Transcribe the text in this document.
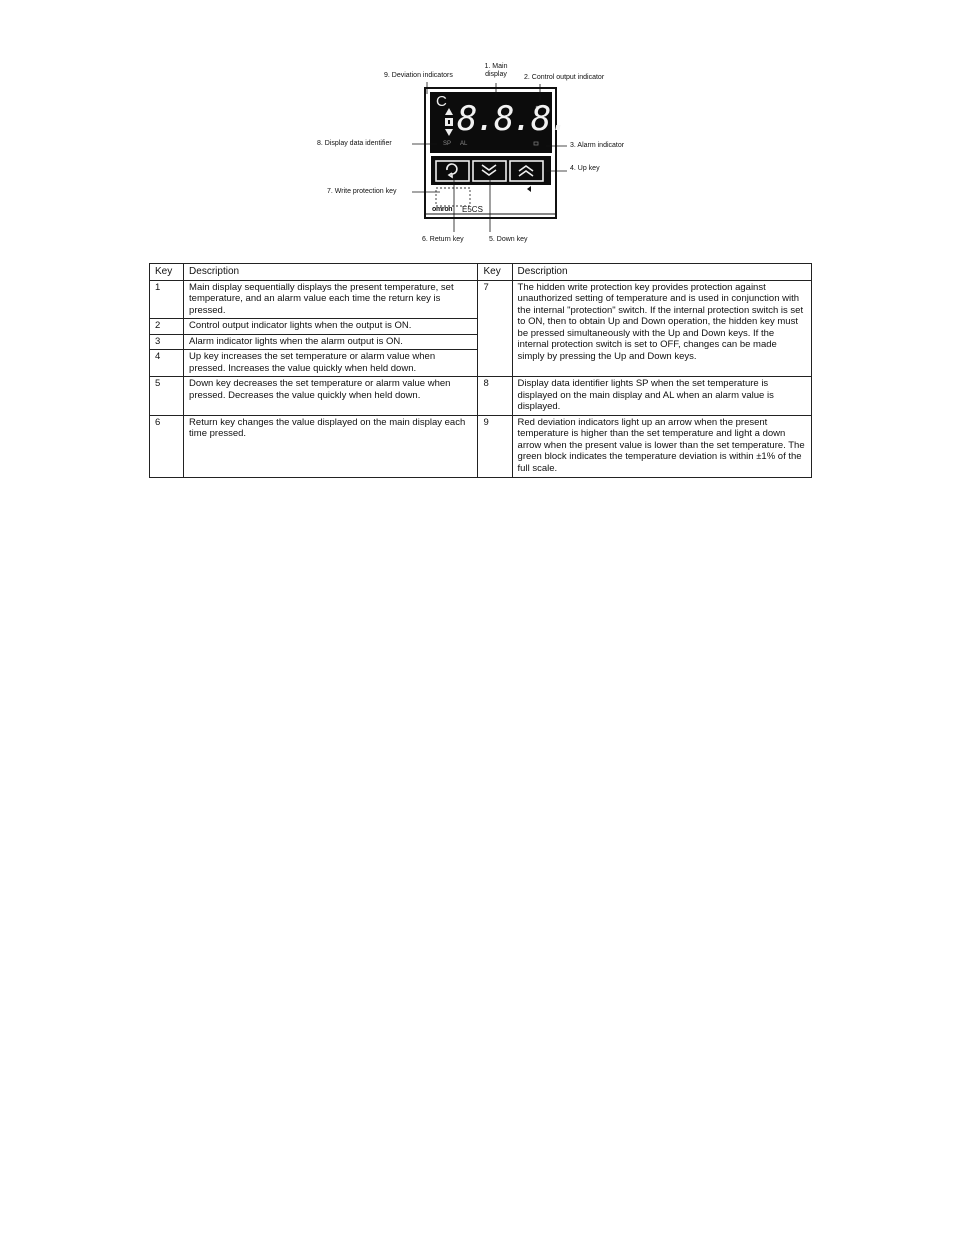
C 8.8.8.
SP AL
omron E5CS
9. Deviation indicators
1. Main
display	2. Control output indicator
8. Display data identifier	3. Alarm indicator
4. Up key
7. Write protection key
6. Return key	5. Down key
Key	Description	Key	Description
1	Main display sequentially displays the present temperature, set temperature, and an alarm value each time the return key is pressed.	7	The hidden write protection key provides protection against unauthorized setting of temperature and is used in conjunction with the internal "protection" switch. If the internal protection switch is set to ON, then to obtain Up and Down operation, the hidden key must be pressed simultaneously with the Up and Down keys. If the internal protection switch is set to OFF, changes can be made simply by pressing the Up and Down keys.
2	Control output indicator lights when the output is ON.		
3	Alarm indicator lights when the alarm output is ON.		
4	Up key increases the set temperature or alarm value when pressed. Increases the value quickly when held down.		
5	Down key decreases the set temperature or alarm value when pressed. Decreases the value quickly when held down.	8	Display data identifier lights SP when the set temperature is displayed on the main display and AL when an alarm value is displayed.
6	Return key changes the value displayed on the main display each time pressed.	9	Red deviation indicators light up an arrow when the present temperature is higher than the set temperature and light a down arrow when the present value is lower than the set temperature. The green block indicates the temperature deviation is within ±1% of the full scale.
